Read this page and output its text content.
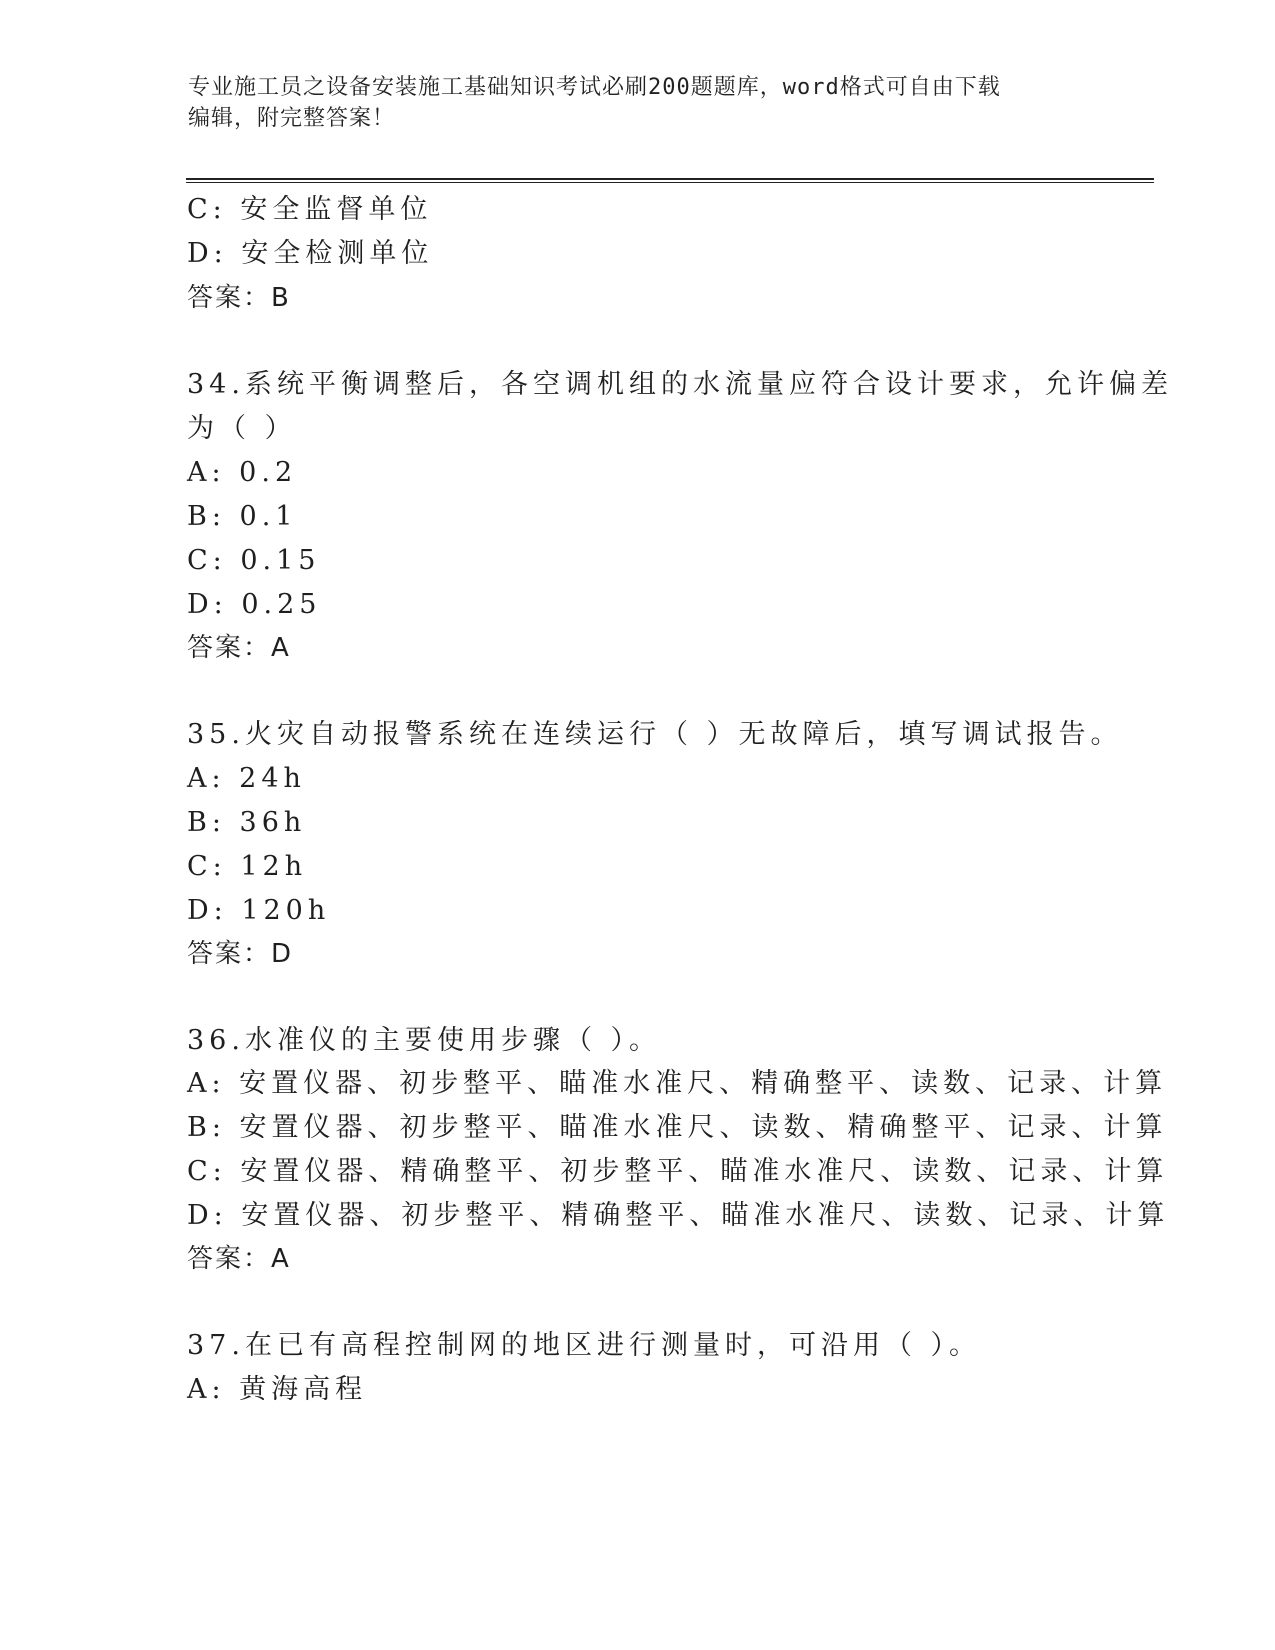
专业施工员之设备安装施工基础知识考试必刷200题题库，word格式可自由下载
编辑，附完整答案！
C: 安全监督单位
D: 安全检测单位
答案：B
34.系统平衡调整后，各空调机组的水流量应符合设计要求，允许偏差
为（ ）
A: 0.2
B: 0.1
C: 0.15
D: 0.25
答案：A
35.火灾自动报警系统在连续运行（ ）无故障后，填写调试报告。
A: 24h
B: 36h
C: 12h
D: 120h
答案：D
36.水准仪的主要使用步骤（ ）。
A: 安置仪器、初步整平、瞄准水准尺、精确整平、读数、记录、计算
B: 安置仪器、初步整平、瞄准水准尺、读数、精确整平、记录、计算
C: 安置仪器、精确整平、初步整平、瞄准水准尺、读数、记录、计算
D: 安置仪器、初步整平、精确整平、瞄准水准尺、读数、记录、计算
答案：A
37.在已有高程控制网的地区进行测量时，可沿用（ ）。
A: 黄海高程
